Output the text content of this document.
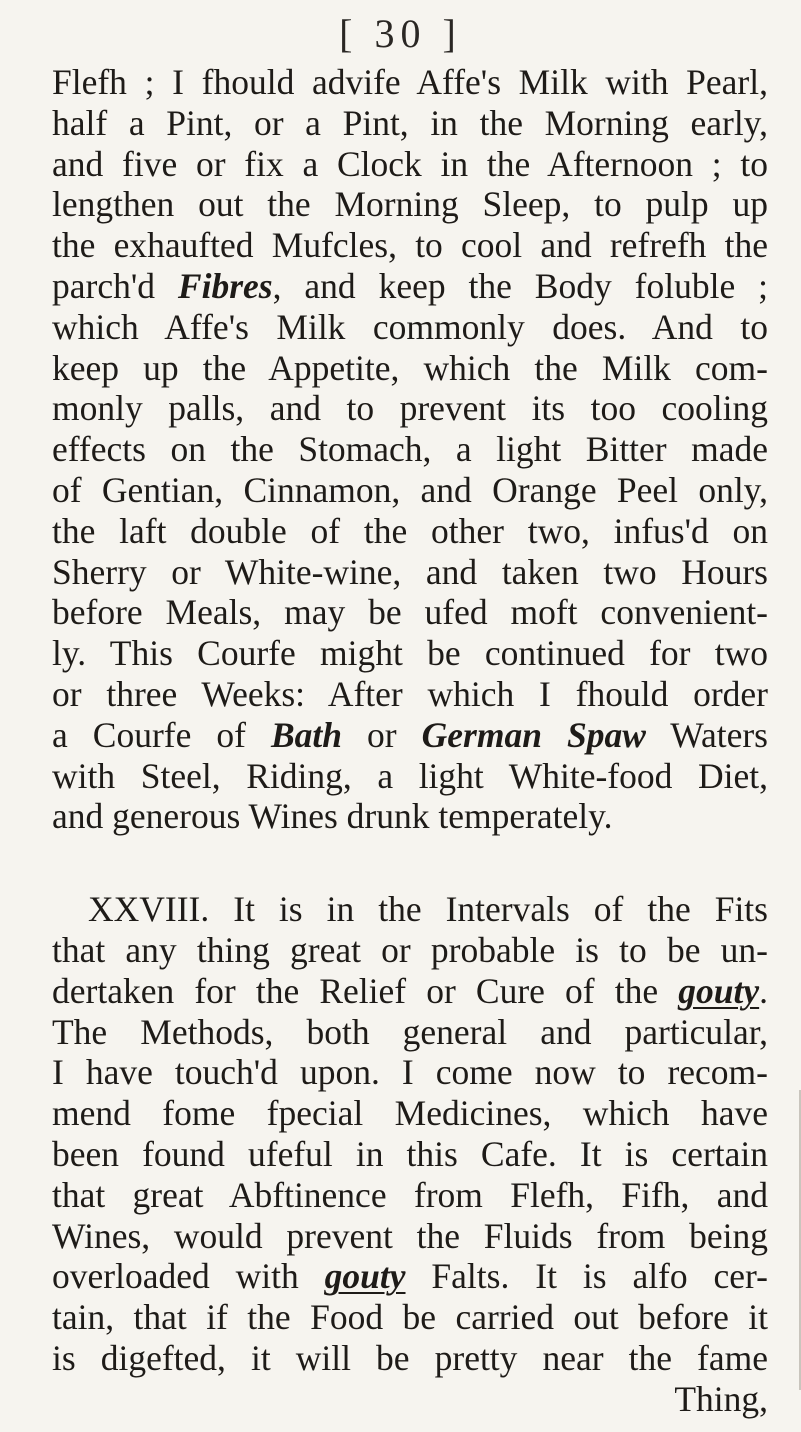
[ 30 ]
Flefh ; I fhould advife Affe's Milk with Pearl,
half a Pint, or a Pint, in the Morning early,
and five or fix a Clock in the Afternoon ; to
lengthen out the Morning Sleep, to pulp up
the exhaufted Mufcles, to cool and refrefh the
parch'd Fibres, and keep the Body foluble ;
which Affe's Milk commonly does. And to
keep up the Appetite, which the Milk com-
monly palls, and to prevent its too cooling
effects on the Stomach, a light Bitter made
of Gentian, Cinnamon, and Orange Peel only,
the laft double of the other two, infus'd on
Sherry or White-wine, and taken two Hours
before Meals, may be ufed moft convenient-
ly. This Courfe might be continued for two
or three Weeks: After which I fhould order
a Courfe of Bath or German Spaw Waters
with Steel, Riding, a light White-food Diet,
and generous Wines drunk temperately.
XXVIII. It is in the Intervals of the Fits
that any thing great or probable is to be un-
dertaken for the Relief or Cure of the gouty.
The Methods, both general and particular,
I have touch'd upon. I come now to recom-
mend fome fpecial Medicines, which have
been found ufeful in this Cafe. It is certain
that great Abftinence from Flefh, Fifh, and
Wines, would prevent the Fluids from being
overloaded with gouty Falts. It is alfo cer-
tain, that if the Food be carried out before it
is digefted, it will be pretty near the fame
Thing,
